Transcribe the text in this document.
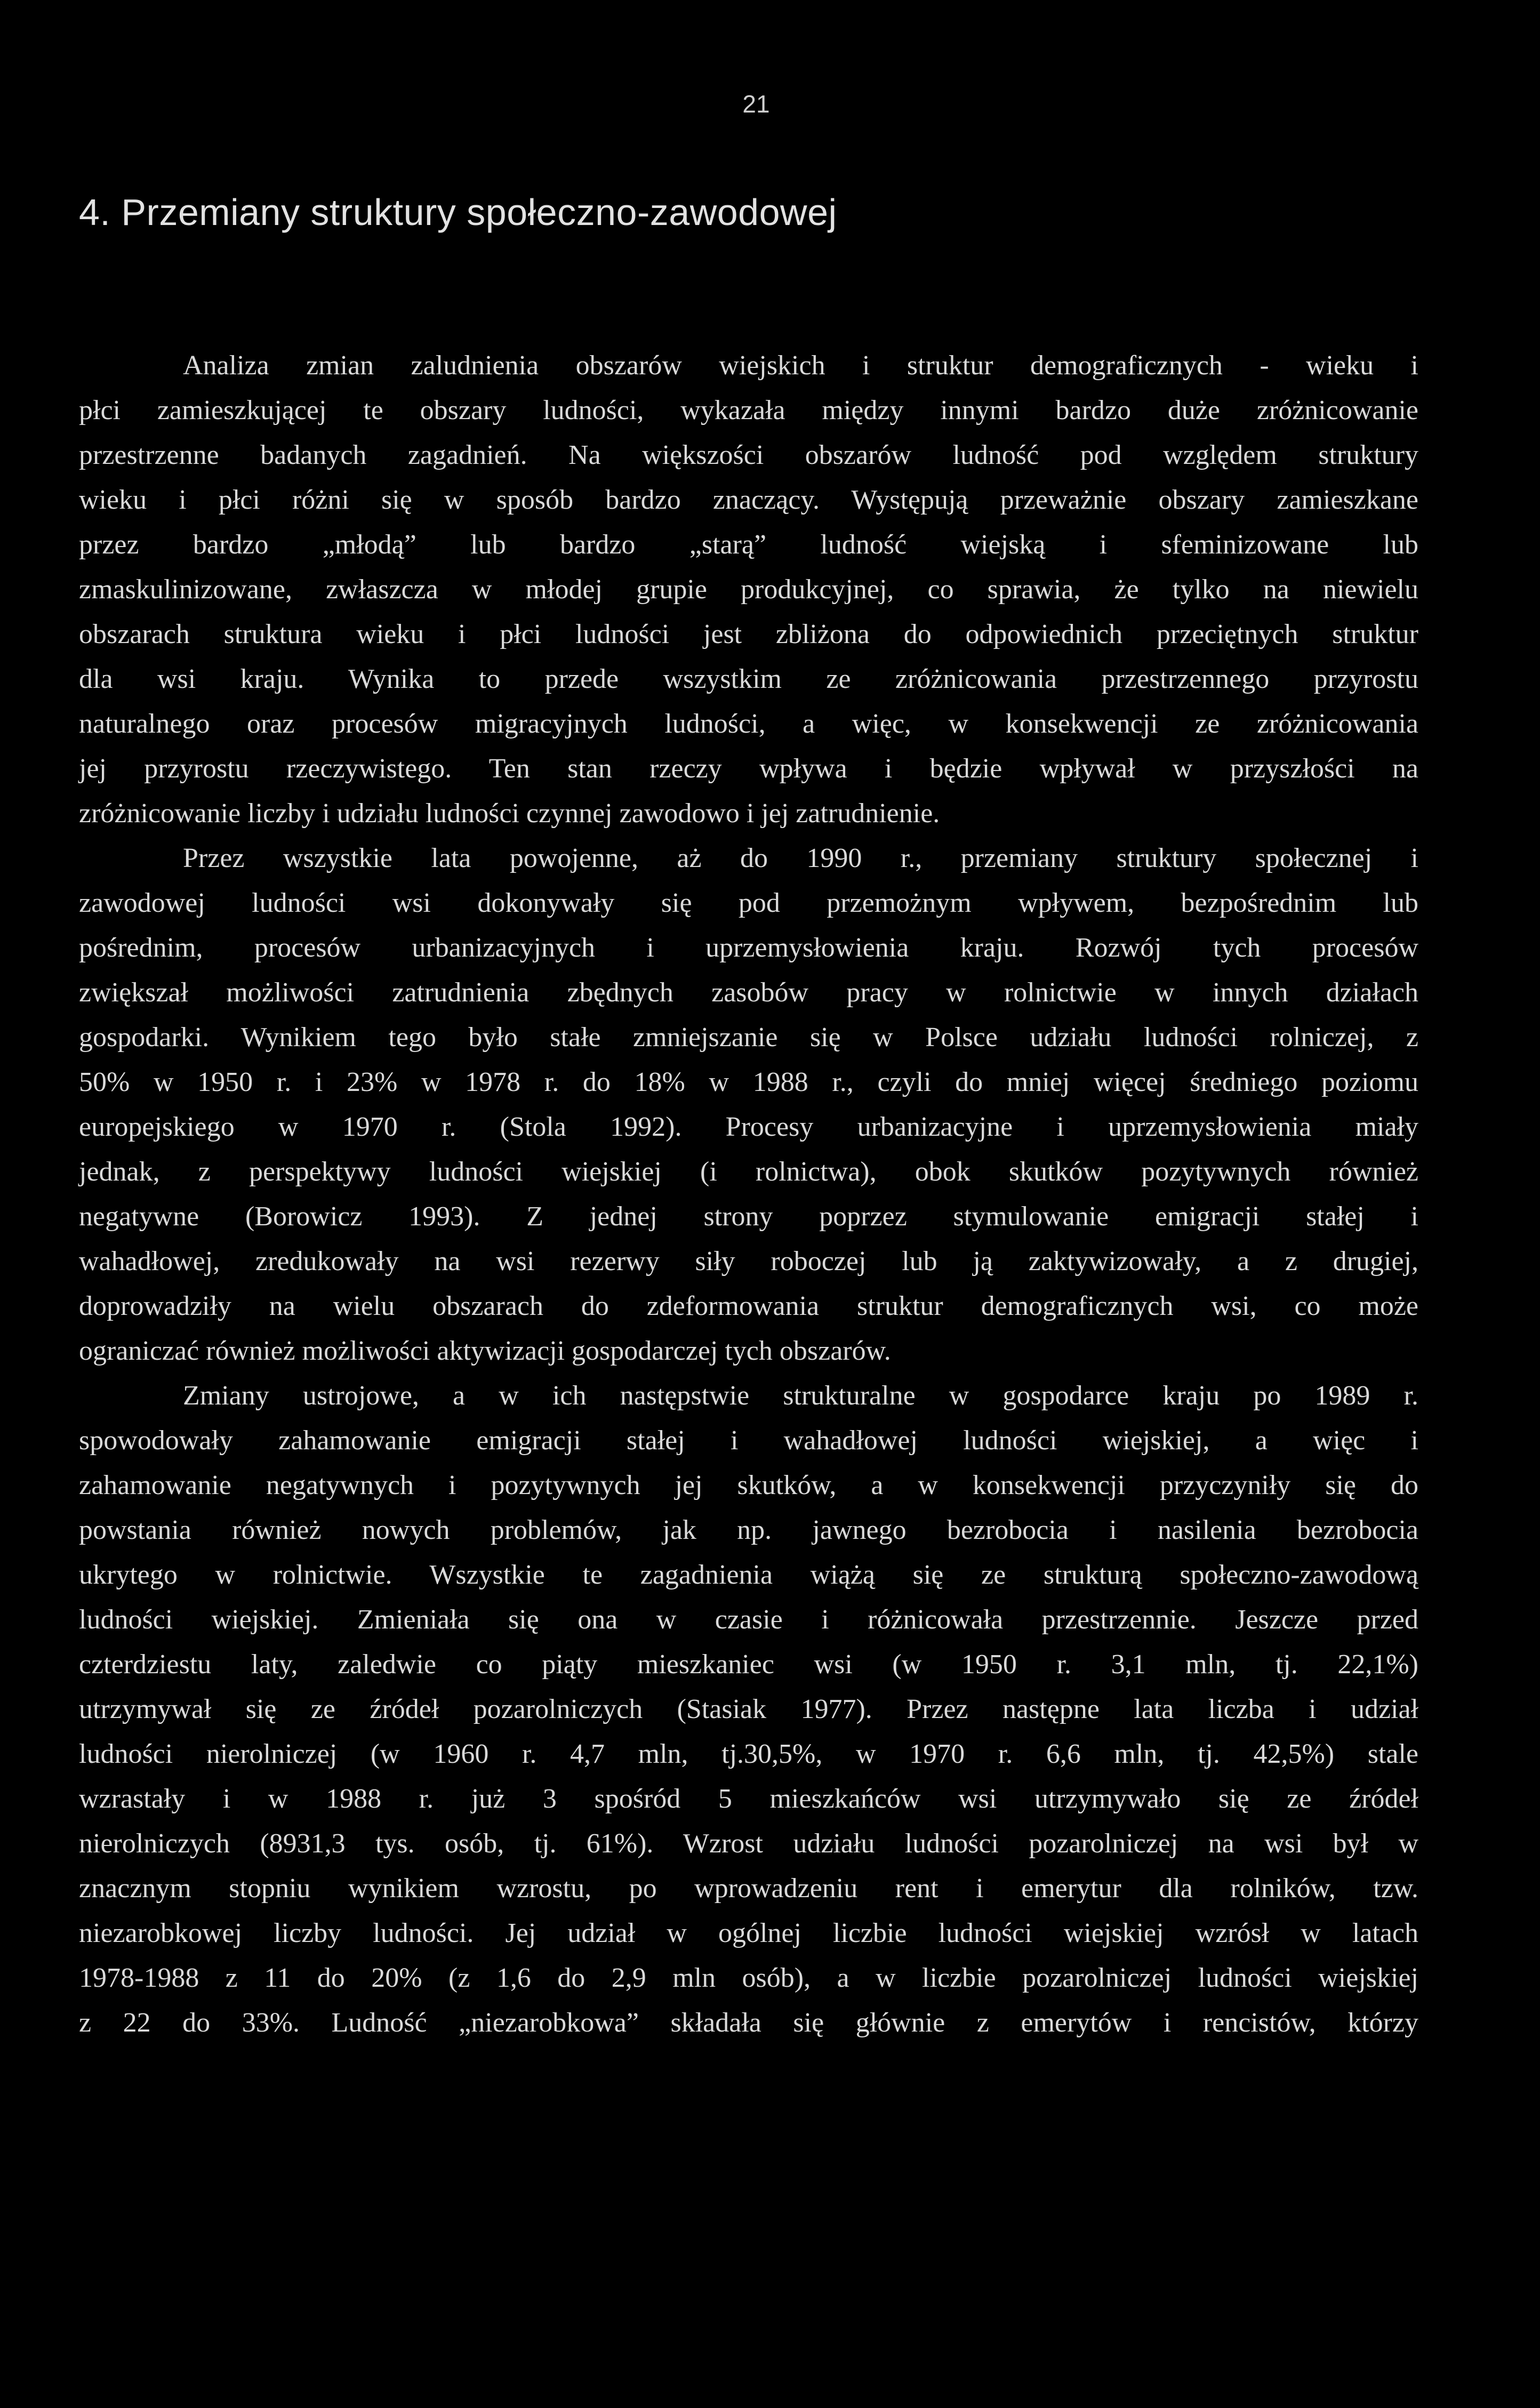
21

4. Przemiany struktury społeczno-zawodowej
Analiza zmian zaludnienia obszarów wiejskich i struktur demograficznych - wieku i
płci zamieszkującej te obszary ludności, wykazała między innymi bardzo duże zróżnicowanie
przestrzenne badanych zagadnień. Na większości obszarów ludność pod względem struktury
wieku i płci różni się w sposób bardzo znaczący. Występują przeważnie obszary zamieszkane
przez bardzo „młodą” lub bardzo „starą” ludność wiejską i sfeminizowane lub
zmaskulinizowane, zwłaszcza w młodej grupie produkcyjnej, co sprawia, że tylko na niewielu
obszarach struktura wieku i płci ludności jest zbliżona do odpowiednich przeciętnych struktur
dla wsi kraju. Wynika to przede wszystkim ze zróżnicowania przestrzennego przyrostu
naturalnego oraz procesów migracyjnych ludności, a więc, w konsekwencji ze zróżnicowania
jej przyrostu rzeczywistego. Ten stan rzeczy wpływa i będzie wpływał w przyszłości na
zróżnicowanie liczby i udziału ludności czynnej zawodowo i jej zatrudnienie.
Przez wszystkie lata powojenne, aż do 1990 r., przemiany struktury społecznej i
zawodowej ludności wsi dokonywały się pod przemożnym wpływem, bezpośrednim lub
pośrednim, procesów urbanizacyjnych i uprzemysłowienia kraju. Rozwój tych procesów
zwiększał możliwości zatrudnienia zbędnych zasobów pracy w rolnictwie w innych działach
gospodarki. Wynikiem tego było stałe zmniejszanie się w Polsce udziału ludności rolniczej, z
50% w 1950 r. i 23% w 1978 r. do 18% w 1988 r., czyli do mniej więcej średniego poziomu
europejskiego w 1970 r. (Stola 1992). Procesy urbanizacyjne i uprzemysłowienia miały
jednak, z perspektywy ludności wiejskiej (i rolnictwa), obok skutków pozytywnych również
negatywne (Borowicz 1993). Z jednej strony poprzez stymulowanie emigracji stałej i
wahadłowej, zredukowały na wsi rezerwy siły roboczej lub ją zaktywizowały, a z drugiej,
doprowadziły na wielu obszarach do zdeformowania struktur demograficznych wsi, co może
ograniczać również możliwości aktywizacji gospodarczej tych obszarów.
Zmiany ustrojowe, a w ich następstwie strukturalne w gospodarce kraju po 1989 r.
spowodowały zahamowanie emigracji stałej i wahadłowej ludności wiejskiej, a więc i
zahamowanie negatywnych i pozytywnych jej skutków, a w konsekwencji przyczyniły się do
powstania również nowych problemów, jak np. jawnego bezrobocia i nasilenia bezrobocia
ukrytego w rolnictwie. Wszystkie te zagadnienia wiążą się ze strukturą społeczno-zawodową
ludności wiejskiej. Zmieniała się ona w czasie i różnicowała przestrzennie. Jeszcze przed
czterdziestu laty, zaledwie co piąty mieszkaniec wsi (w 1950 r. 3,1 mln, tj. 22,1%)
utrzymywał się ze źródeł pozarolniczych (Stasiak 1977). Przez następne lata liczba i udział
ludności nierolniczej (w 1960 r. 4,7 mln, tj.30,5%, w 1970 r. 6,6 mln, tj. 42,5%) stale
wzrastały i w 1988 r. już 3 spośród 5 mieszkańców wsi utrzymywało się ze źródeł
nierolniczych (8931,3 tys. osób, tj. 61%). Wzrost udziału ludności pozarolniczej na wsi był w
znacznym stopniu wynikiem wzrostu, po wprowadzeniu rent i emerytur dla rolników, tzw.
niezarobkowej liczby ludności. Jej udział w ogólnej liczbie ludności wiejskiej wzrósł w latach
1978-1988 z 11 do 20% (z 1,6 do 2,9 mln osób), a w liczbie pozarolniczej ludności wiejskiej
z 22 do 33%. Ludność „niezarobkowa” składała się głównie z emerytów i rencistów, którzy
